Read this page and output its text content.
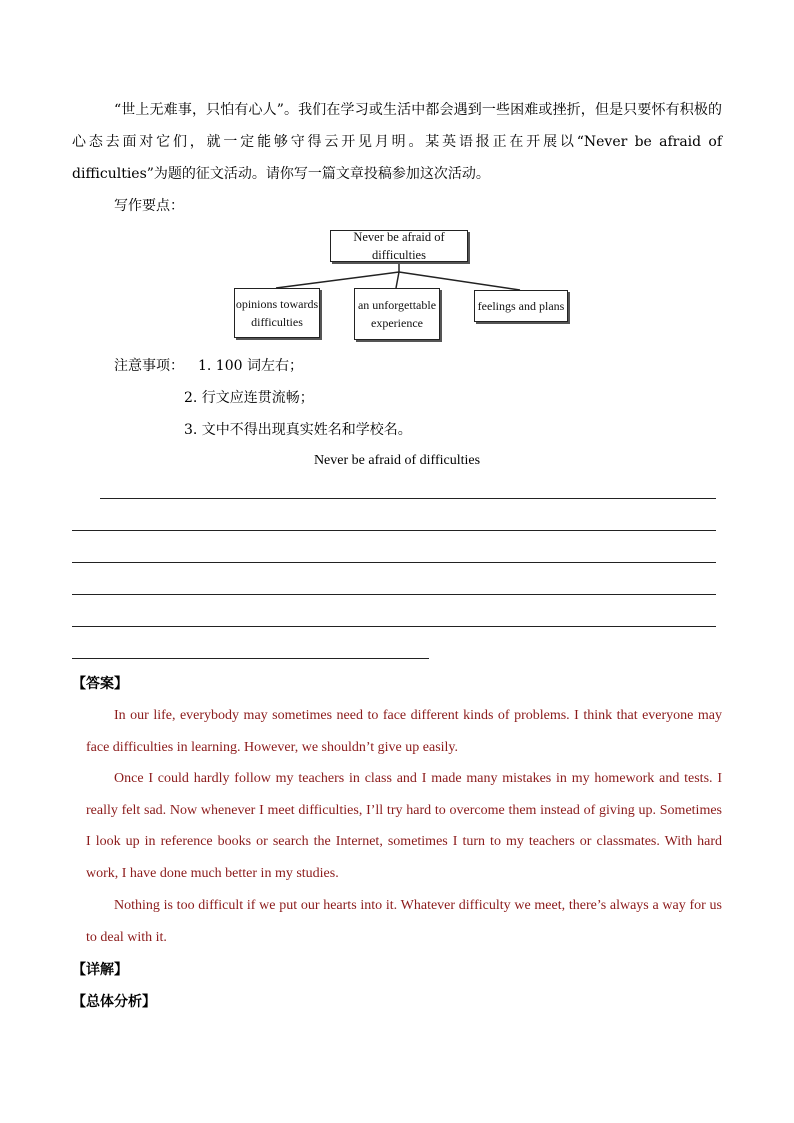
“世上无难事，只怕有心人”。我们在学习或生活中都会遇到一些困难或挫折，但是只要怀有积极的心态去面对它们，就一定能够守得云开见月明。某英语报正在开展以“Never be afraid of difficulties”为题的征文活动。请你写一篇文章投稿参加这次活动。
写作要点：
Never be afraid of difficulties
opinions towards difficulties
an unforgettable experience
feelings and plans
注意事项： 1. 100 词左右；
2. 行文应连贯流畅；
3. 文中不得出现真实姓名和学校名。
Never be afraid of difficulties
【答案】
In our life, everybody may sometimes need to face different kinds of problems. I think that everyone may face difficulties in learning. However, we shouldn’t give up easily.
Once I could hardly follow my teachers in class and I made many mistakes in my homework and tests. I really felt sad. Now whenever I meet difficulties, I’ll try hard to overcome them instead of giving up. Sometimes I look up in reference books or search the Internet, sometimes I turn to my teachers or classmates. With hard work, I have done much better in my studies.
Nothing is too difficult if we put our hearts into it. Whatever difficulty we meet, there’s always a way for us to deal with it.
【详解】
【总体分析】
